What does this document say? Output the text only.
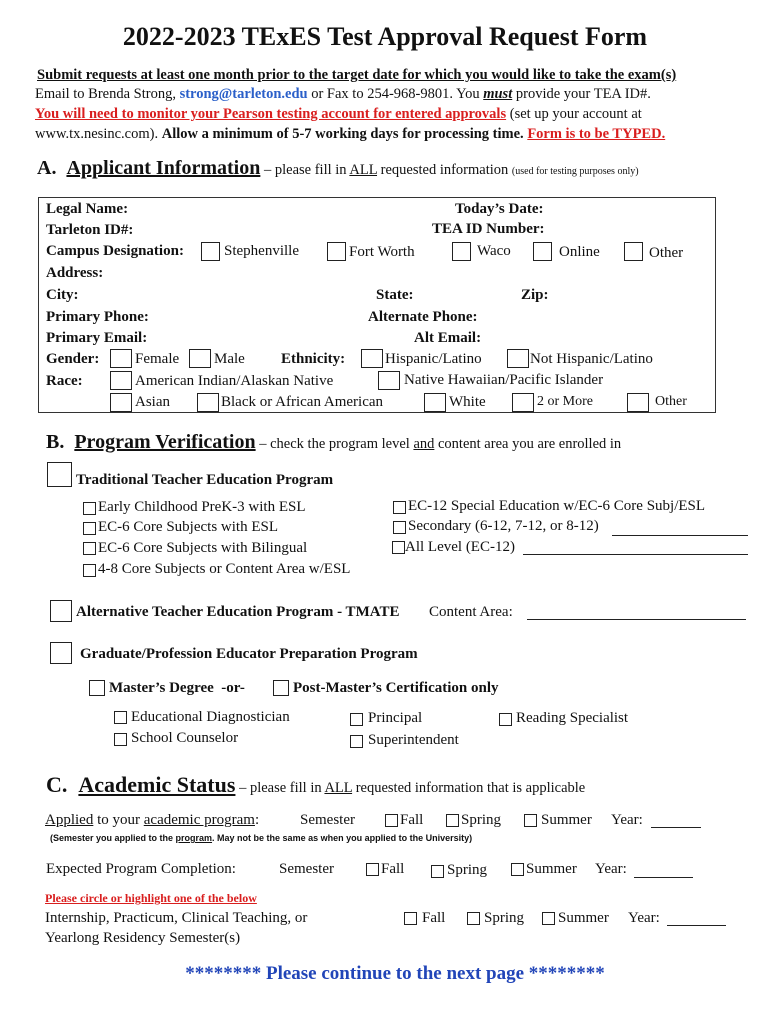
2022-2023 TExES Test Approval Request Form
Submit requests at least one month prior to the target date for which you would like to take the exam(s)
Email to Brenda Strong, strong@tarleton.edu or Fax to 254-968-9801. You must provide your TEA ID#.
You will need to monitor your Pearson testing account for entered approvals (set up your account at
www.tx.nesinc.com). Allow a minimum of 5-7 working days for processing time. Form is to be TYPED.
A. Applicant Information – please fill in ALL requested information (used for testing purposes only)
Legal Name:	Today’s Date:
Tarleton ID#:	TEA ID Number:
Campus Designation:	Stephenville	Fort Worth	Waco	Online	Other
Address:
City:	State:	Zip:
Primary Phone:	Alternate Phone:
Primary Email:	Alt Email:
Gender: Female Male Ethnicity:	Hispanic/Latino	Not Hispanic/Latino
Race:	American Indian/Alaskan Native	Native Hawaiian/Pacific Islander
Asian	Black or African American	White	2 or More	Other
B. Program Verification – check the program level and content area you are enrolled in
Traditional Teacher Education Program
Early Childhood PreK-3 with ESL
EC-6 Core Subjects with ESL
EC-6 Core Subjects with Bilingual
4-8 Core Subjects or Content Area w/ESL
EC-12 Special Education w/EC-6 Core Subj/ESL
Secondary (6-12, 7-12, or 8-12)
All Level (EC-12)
Alternative Teacher Education Program - TMATE Content Area:
Graduate/Profession Educator Preparation Program
Master’s Degree -or-	Post-Master’s Certification only
Educational Diagnostician
School Counselor
Principal
Superintendent
Reading Specialist
C. Academic Status – please fill in ALL requested information that is applicable
Applied to your academic program:	Semester	Fall	Spring	Summer Year:
(Semester you applied to the program. May not be the same as when you applied to the University)
Expected Program Completion:	Semester	Fall	Spring	Summer Year:
Please circle or highlight one of the below
Internship, Practicum, Clinical Teaching, or
Yearlong Residency Semester(s)
Fall	Spring Summer Year:
******** Please continue to the next page ********
